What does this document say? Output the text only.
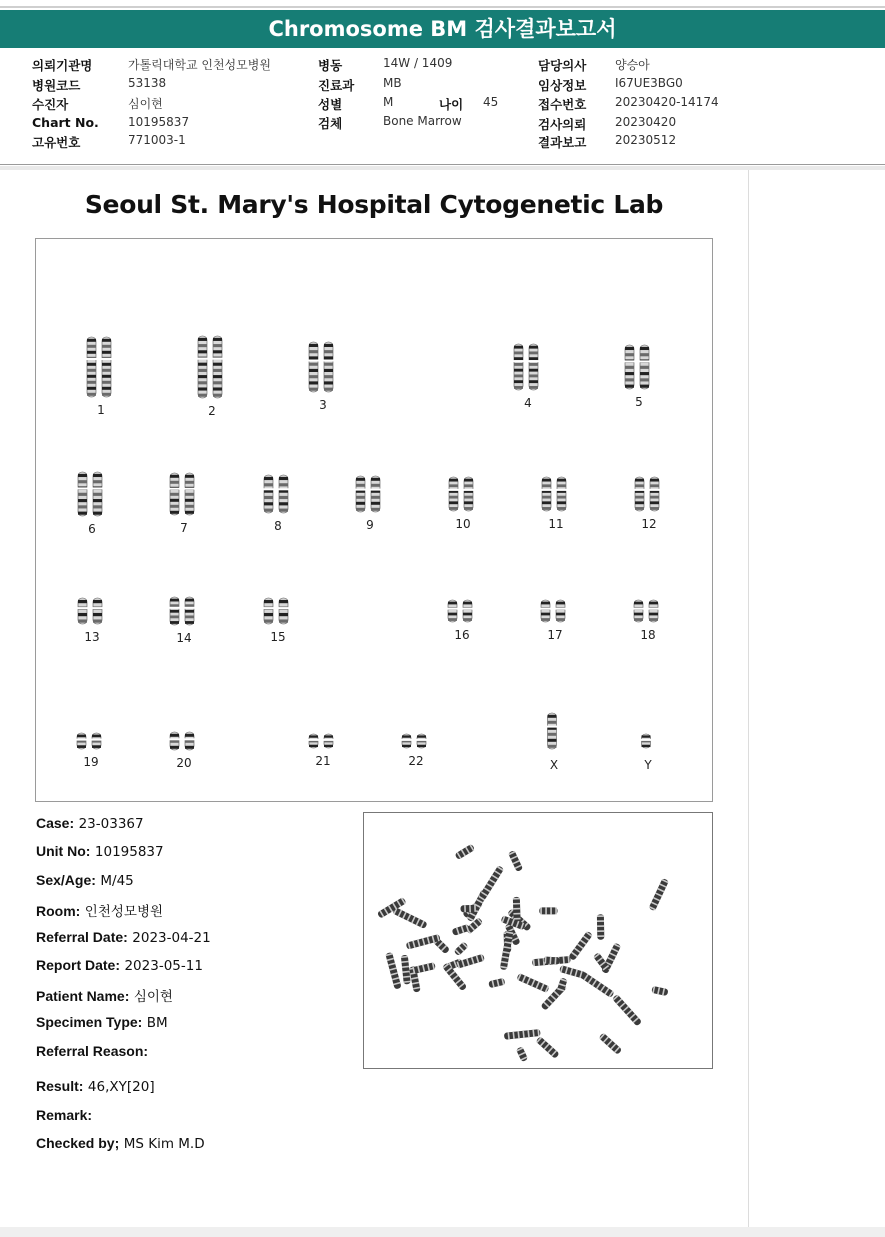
Chromosome BM 검사결과보고서
의뢰기관명	가톨릭대학교 인천성모병원
병원코드	53138
수진자	심이현
Chart No. 10195837
고유번호	771003-1
병동	14W / 1409
진료과 MB
성별	M	나이 45
검체	Bone Marrow
담당의사 양승아
임상정보 I67UE3BG0
접수번호 20230420-14174
검사의뢰 20230420
결과보고 20230512
Seoul St. Mary's Hospital Cytogenetic Lab
1	2	3	4	5
6	7	8	9	10	11	12
13	14	15	16	17	18
19	20	21	22	X	Y
Case: 23-03367
Unit No: 10195837
Sex/Age: M/45
Room: 인천성모병원
Referral Date: 2023-04-21
Report Date: 2023-05-11
Patient Name: 심이현
Specimen Type: BM
Referral Reason:
Result: 46,XY[20]
Remark:
Checked by; MS Kim M.D
